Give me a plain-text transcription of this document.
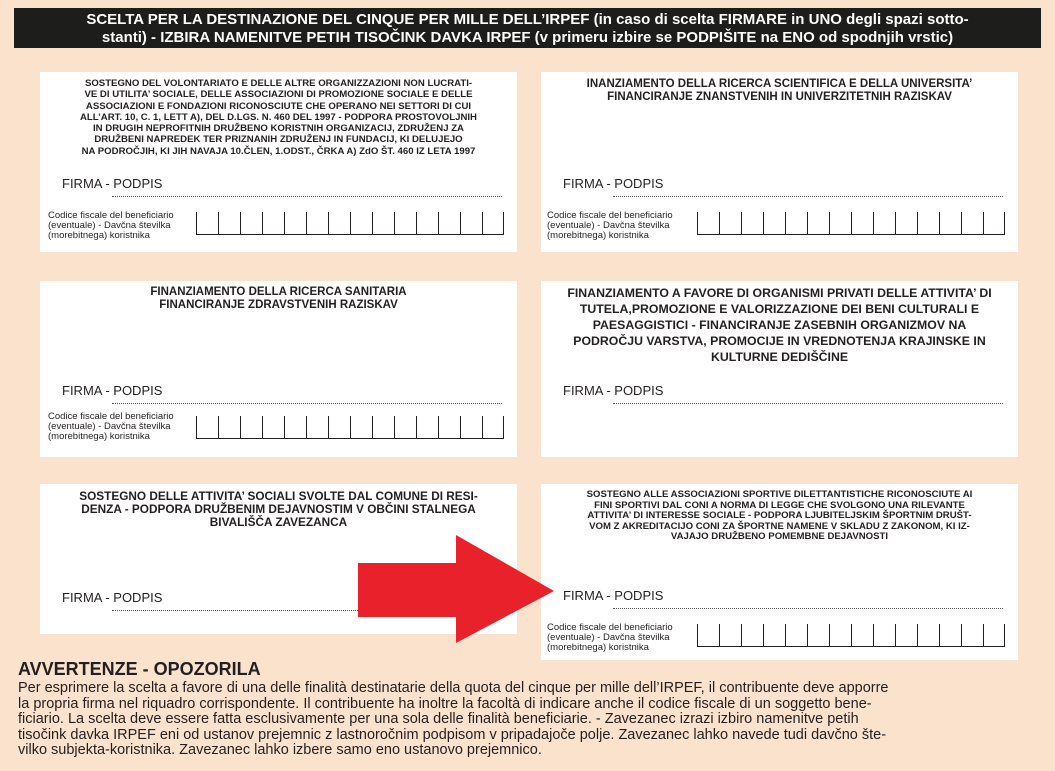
SCELTA PER LA DESTINAZIONE DEL CINQUE PER MILLE DELL’IRPEF (in caso di scelta FIRMARE in UNO degli spazi sotto-
stanti) - IZBIRA NAMENITVE PETIH TISOČINK DAVKA IRPEF (v primeru izbire se PODPIŠITE na ENO od spodnjih vrstic)
SOSTEGNO DEL VOLONTARIATO E DELLE ALTRE ORGANIZZAZIONI NON LUCRATI-
VE DI UTILITA’ SOCIALE, DELLE ASSOCIAZIONI DI PROMOZIONE SOCIALE E DELLE
ASSOCIAZIONI E FONDAZIONI RICONOSCIUTE CHE OPERANO NEI SETTORI DI CUI
ALL’ART. 10, C. 1, LETT A), DEL D.LGS. N. 460 DEL 1997 - PODPORA PROSTOVOLJNIH
IN DRUGIH NEPROFITNIH DRUŽBENO KORISTNIH ORGANIZACIJ, ZDRUŽENJ ZA
DRUŽBENI NAPREDEK TER PRIZNANIH ZDRUŽENJ IN FUNDACIJ, KI DELUJEJO
NA PODROČJIH, KI JIH NAVAJA 10.ČLEN, 1.ODST., ČRKA A) ZdO ŠT. 460 IZ LETA 1997
FIRMA - PODPIS
Codice fiscale del beneficiario
(eventuale) - Davčna številka
(morebitnega) koristnika
INANZIAMENTO DELLA RICERCA SCIENTIFICA E DELLA UNIVERSITA’
FINANCIRANJE ZNANSTVENIH IN UNIVERZITETNIH RAZISKAV
FIRMA - PODPIS
Codice fiscale del beneficiario
(eventuale) - Davčna številka
(morebitnega) koristnika
FINANZIAMENTO DELLA RICERCA SANITARIA
FINANCIRANJE ZDRAVSTVENIH RAZISKAV
FIRMA - PODPIS
Codice fiscale del beneficiario
(eventuale) - Davčna številka
(morebitnega) koristnika
FINANZIAMENTO A FAVORE DI ORGANISMI PRIVATI DELLE ATTIVITA’ DI
TUTELA,PROMOZIONE E VALORIZZAZIONE DEI BENI CULTURALI E
PAESAGGISTICI - FINANCIRANJE ZASEBNIH ORGANIZMOV NA
PODROČJU VARSTVA, PROMOCIJE IN VREDNOTENJA KRAJINSKE IN
KULTURNE DEDIŠČINE
FIRMA - PODPIS
SOSTEGNO DELLE ATTIVITA’ SOCIALI SVOLTE DAL COMUNE DI RESI-
DENZA - PODPORA DRUŽBENIM DEJAVNOSTIM V OBČINI STALNEGA
BIVALIŠČA ZAVEZANCA
FIRMA - PODPIS
SOSTEGNO ALLE ASSOCIAZIONI SPORTIVE DILETTANTISTICHE RICONOSCIUTE AI
FINI SPORTIVI DAL CONI A NORMA DI LEGGE CHE SVOLGONO UNA RILEVANTE
ATTIVITA’ DI INTERESSE SOCIALE - PODPORA LJUBITELJSKIM ŠPORTNIM DRUŠT-
VOM Z AKREDITACIJO CONI ZA ŠPORTNE NAMENE V SKLADU Z ZAKONOM, KI IZ-
VAJAJO DRUŽBENO POMEMBNE DEJAVNOSTI
FIRMA - PODPIS
Codice fiscale del beneficiario
(eventuale) - Davčna številka
(morebitnega) koristnika
AVVERTENZE - OPOZORILA
Per esprimere la scelta a favore di una delle finalità destinatarie della quota del cinque per mille dell’IRPEF, il contribuente deve apporre
la propria firma nel riquadro corrispondente. Il contribuente ha inoltre la facoltà di indicare anche il codice fiscale di un soggetto bene-
ficiario. La scelta deve essere fatta esclusivamente per una sola delle finalità beneficiarie. - Zavezanec izrazi izbiro namenitve petih
tisočink davka IRPEF eni od ustanov prejemnic z lastnoročnim podpisom v pripadajoče polje. Zavezanec lahko navede tudi davčno šte-
vilko subjekta-koristnika. Zavezanec lahko izbere samo eno ustanovo prejemnico.
